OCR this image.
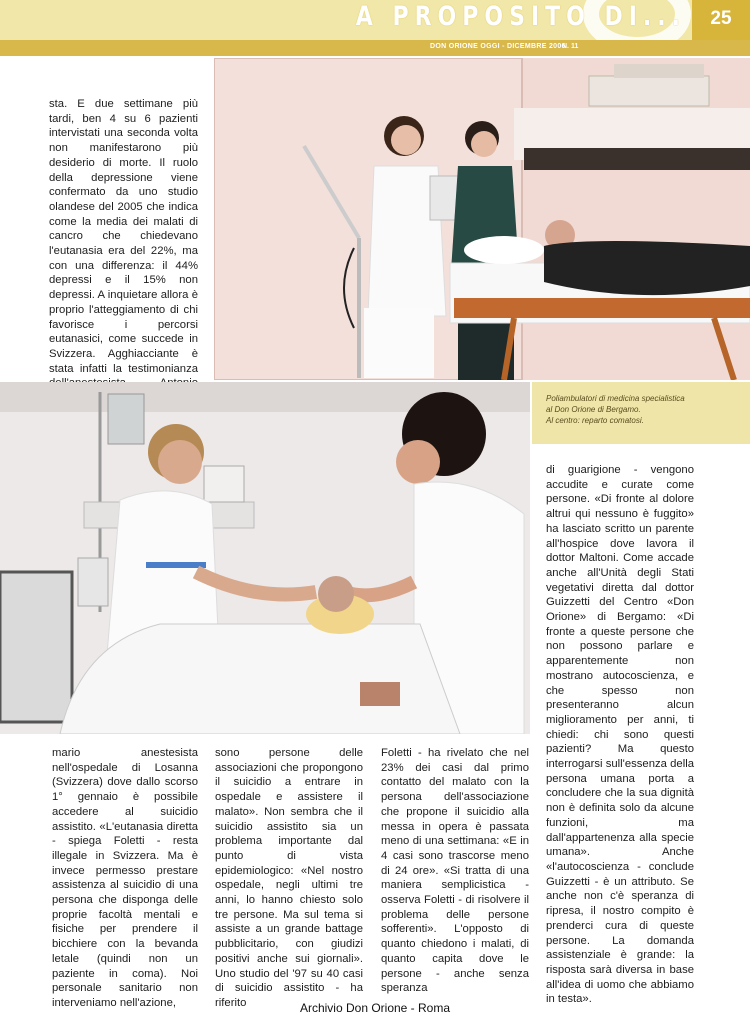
A PROPOSITO DI...	25
DON ORIONE OGGI - DICEMBRE 2006
N. 11

sta. E due settimane più tardi, ben 4 su 6 pazienti intervistati una seconda volta non manifestarono più desiderio di morte. Il ruolo della depressione viene confermato da uno studio olandese del 2005 che indica come la media dei malati di cancro che chiedevano l'eutanasia era del 22%, ma con una differenza: il 44% depressi e il 15% non depressi. A inquietare allora è proprio l'atteggiamento di chi favorisce i percorsi eutanasici, come succede in Svizzera. Agghiacciante è stata infatti la testimonianza

Poliambulatori di medicina specialistica
al Don Orione di Bergamo.
Al centro: reparto comatosi.

di guarigione - vengono accudite e curate come persone. «Di fronte al dolore altrui qui nessuno è fuggito» ha lasciato scritto un parente all'hospice dove lavora il dottor Maltoni. Come accade anche all'Unità degli Stati vegetativi diretta dal dottor Guizzetti del Centro «Don Orione» di Bergamo: «Di fronte a queste persone che non possono parlare e apparentemente non mostrano autocoscienza, e che spesso non presenteranno alcun miglioramento per anni, ti chiedi: chi sono questi pazienti? Ma questo interrogarsi sull'essenza della persona umana porta a concludere che la sua dignità non è definita solo da alcune funzioni, ma dall'appartenenza alla specie umana». Anche «l'autocoscienza - conclude Guizzetti - è un attributo. Se anche non c'è speranza di ripresa, il nostro compito è prenderci cura di queste persone. La domanda assistenziale è grande: la risposta sarà diversa in base all'idea di uomo che abbiamo in testa».

mario anestesista nell'ospedale di Losanna (Svizzera) dove dallo scorso 1° gennaio è possibile accedere al suicidio assistito. «L'eutanasia diretta - spiega Foletti - resta illegale in Svizzera. Ma è invece permesso prestare assistenza al suicidio di una persona che disponga delle proprie facoltà mentali e fisiche per prendere il bicchiere con la bevanda letale (quindi non un paziente in coma). Noi personale sanitario non interveniamo nell'azione,

sono persone delle associazioni che propongono il suicidio a entrare in ospedale e assistere il malato». Non sembra che il suicidio assistito sia un problema importante dal punto di vista epidemiologico: «Nel nostro ospedale, negli ultimi tre anni, lo hanno chiesto solo tre persone. Ma sul tema si assiste a un grande battage pubblicitario, con giudizi positivi anche sui giornali». Uno studio del '97 su 40 casi di suicidio assistito - ha riferito

Foletti - ha rivelato che nel 23% dei casi dal primo contatto del malato con la persona dell'associazione che propone il suicidio alla messa in opera è passata meno di una settimana: «E in 4 casi sono trascorse meno di 24 ore». «Si tratta di una maniera semplicistica - osserva Foletti - di risolvere il problema delle persone sofferenti». L'opposto di quanto chiedono i malati, di quanto capita dove le persone - anche senza speranza

Archivio Don Orione - Roma
